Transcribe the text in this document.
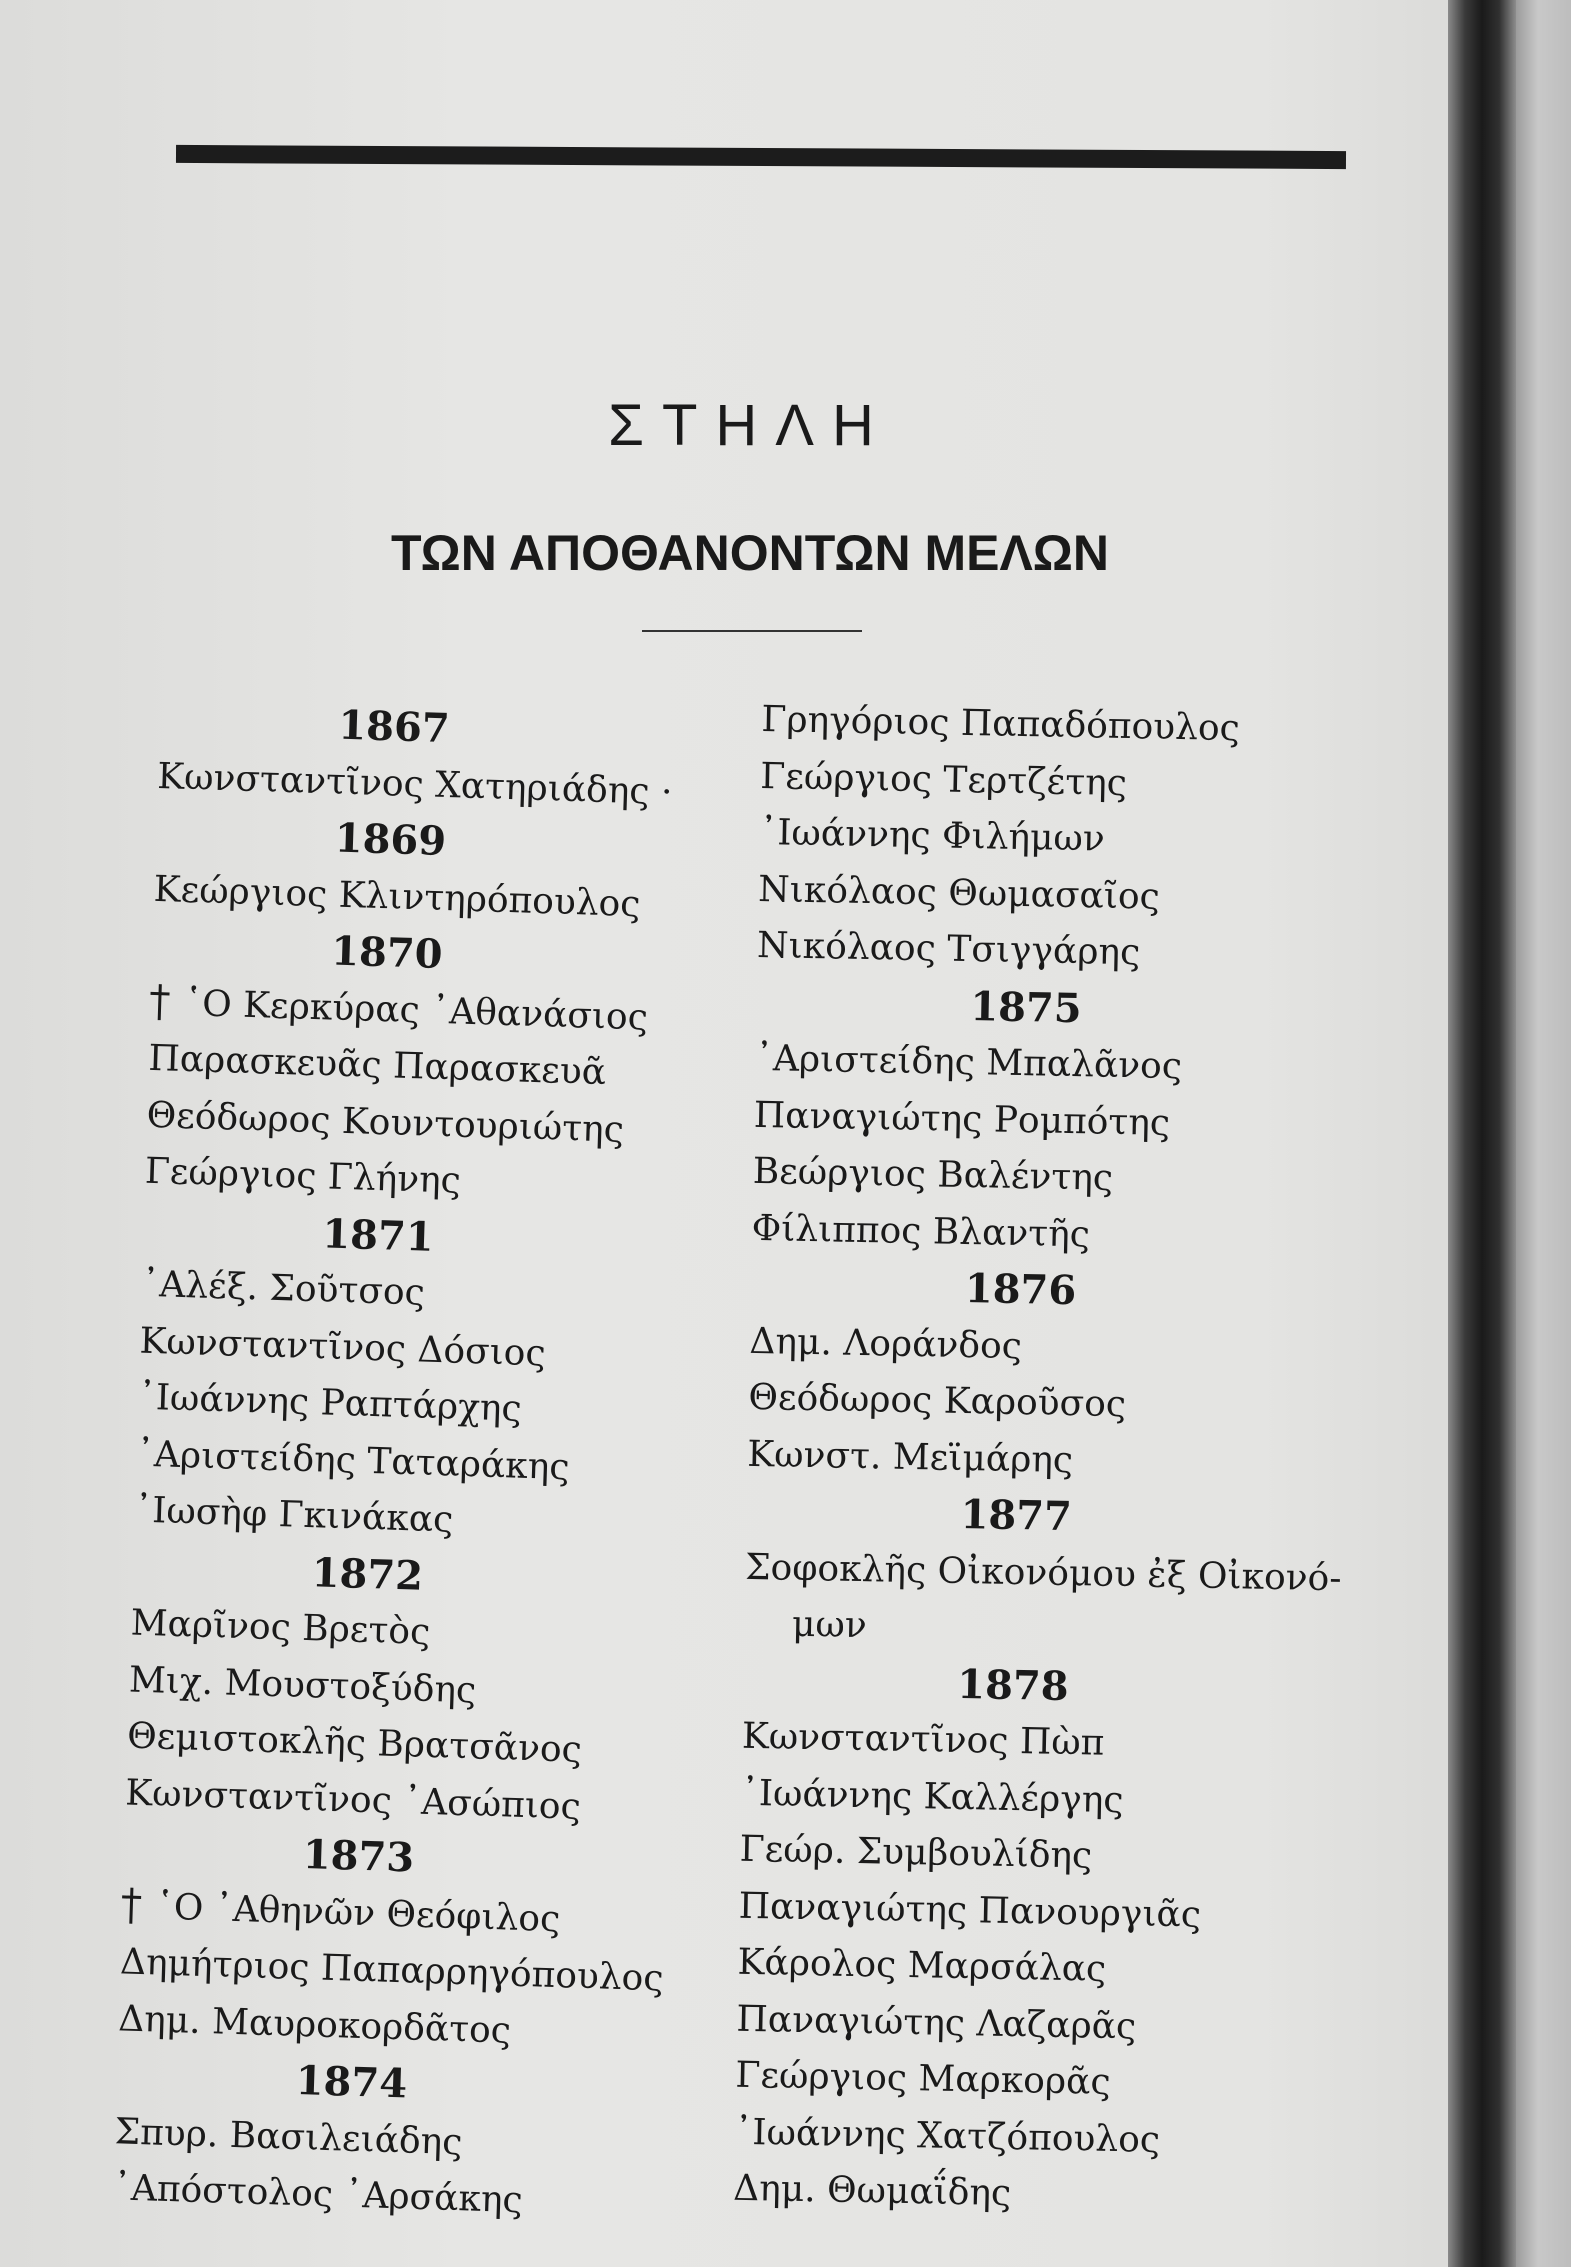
ΣΤΗΛΗ
ΤΩΝ ΑΠΟΘΑΝΟΝΤΩΝ ΜΕΛΩΝ
1867
Κωνσταντῖνος Χατηριάδης ·
1869
Κεώργιος Κλιντηρόπουλος
1870
῾Ο Κερκύρας ᾿Αθανάσιος
Παρασκευᾶς Παρασκευᾶ
Θεόδωρος Κουντουριώτης
Γεώργιος Γλήνης
1871
᾿Αλέξ. Σοῦτσος
Κωνσταντῖνος Δόσιος
᾿Ιωάννης Ραπτάρχης
᾿Αριστείδης Ταταράκης
᾿Ιωσὴφ Γκινάκας
1872
Μαρῖνος Βρετὸς
Μιχ. Μουστοξύδης
Θεμιστοκλῆς Βρατσᾶνος
Κωνσταντῖνος ᾿Ασώπιος
1873
῾Ο ᾿Αθηνῶν Θεόφιλος
Δημήτριος Παπαρρηγόπουλος
Δημ. Μαυροκορδᾶτος
1874
Σπυρ. Βασιλειάδης
᾿Απόστολος ᾿Αρσάκης
Γρηγόριος Παπαδόπουλος
Γεώργιος Τερτζέτης
᾿Ιωάννης Φιλήμων
Νικόλαος Θωμασαῖος
Νικόλαος Τσιγγάρης
1875
᾿Αριστείδης Μπαλᾶνος
Παναγιώτης Ρομπότης
Βεώργιος Βαλέντης
Φίλιππος Βλαντῆς
1876
Δημ. Λοράνδος
Θεόδωρος Καροῦσος
Κωνστ. Μεϊμάρης
1877
Σοφοκλῆς Οἰκονόμου ἐξ Οἰκονό-
μων
1878
Κωνσταντῖνος Πὼπ
᾿Ιωάννης Καλλέργης
Γεώρ. Συμβουλίδης
Παναγιώτης Πανουργιᾶς
Κάρολος Μαρσάλας
Παναγιώτης Λαζαρᾶς
Γεώργιος Μαρκορᾶς
᾿Ιωάννης Χατζόπουλος
Δημ. Θωμαΐδης
